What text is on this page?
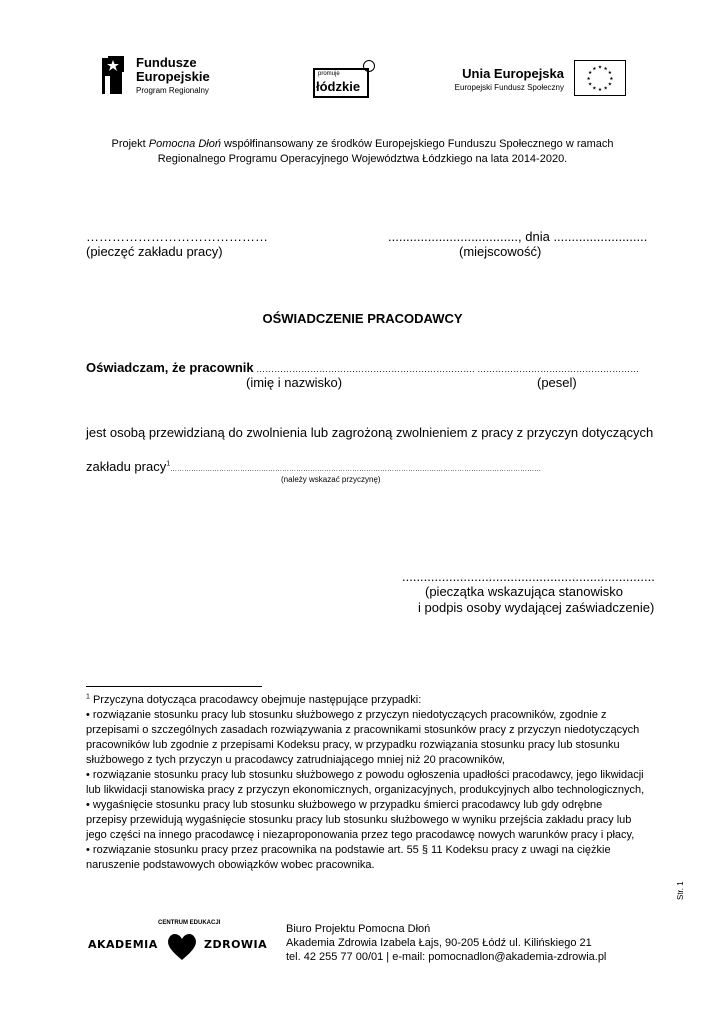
Fundusze
Europejskie
Program Regionalny
promuje
łódzkie
Unia Europejska
Europejski Fundusz Społeczny
★ ★
★
★
★
★
★
★
★
★
★
★
Projekt Pomocna Dłoń współfinansowany ze środków Europejskiego Funduszu Społecznego w ramach
Regionalnego Programu Operacyjnego Województwa Łódzkiego na lata 2014-2020.
……………………………………
(pieczęć zakładu pracy)
...................................., dnia ..........................
(miejscowość)
OŚWIADCZENIE PRACODAWCY
Oświadczam, że pracownik ………………………………………………………………. ………………………………………………
(imię i nazwisko)	(pesel)
jest osobą przewidzianą do zwolnienia lub zagrożoną zwolnieniem z pracy z przyczyn dotyczących
zakładu pracy$^1$……………………………………………………………………………………………………………………………………………
(należy wskazać przyczynę)
......................................................................
(pieczątka wskazująca stanowisko
i podpis osoby wydającej zaświadczenie)

$^1$ Przyczyna dotycząca pracodawcy obejmuje następujące przypadki:

• rozwiązanie stosunku pracy lub stosunku służbowego z przyczyn niedotyczących pracowników, zgodnie z przepisami o szczególnych zasadach rozwiązywania z pracownikami stosunków pracy z przyczyn niedotyczących pracowników lub zgodnie z przepisami Kodeksu pracy, w przypadku rozwiązania stosunku pracy lub stosunku służbowego z tych przyczyn u pracodawcy zatrudniającego mniej niż 20 pracowników,

• rozwiązanie stosunku pracy lub stosunku służbowego z powodu ogłoszenia upadłości pracodawcy, jego likwidacji lub likwidacji stanowiska pracy z przyczyn ekonomicznych, organizacyjnych, produkcyjnych albo technologicznych,

• wygaśnięcie stosunku pracy lub stosunku służbowego w przypadku śmierci pracodawcy lub gdy odrębne przepisy przewidują wygaśnięcie stosunku pracy lub stosunku służbowego w wyniku przejścia zakładu pracy lub jego części na innego pracodawcę i niezaproponowania przez tego pracodawcę nowych warunków pracy i płacy,

• rozwiązanie stosunku pracy przez pracownika na podstawie art. 55 § 11 Kodeksu pracy z uwagi na ciężkie naruszenie podstawowych obowiązków wobec pracownika.

Str. 1
CENTRUM EDUKACJI
AKADEMIA	ZDROWIA
Biuro Projektu Pomocna Dłoń
Akademia Zdrowia Izabela Łajs, 90-205 Łódź ul. Kilińskiego 21
tel. 42 255 77 00/01 | e-mail: pomocnadlon@akademia-zdrowia.pl
